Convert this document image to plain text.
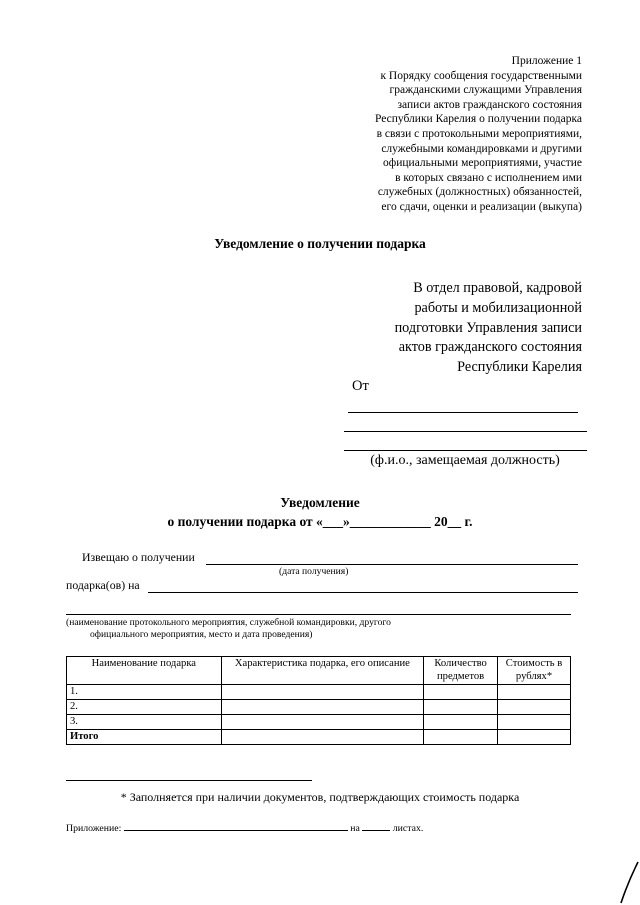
Приложение 1
к Порядку сообщения государственными
гражданскими служащими Управления
записи актов гражданского состояния
Республики Карелия о получении подарка
в связи с протокольными мероприятиями,
служебными командировками и другими
официальными мероприятиями, участие
в которых связано с исполнением ими
служебных (должностных) обязанностей,
его сдачи, оценки и реализации (выкупа)
Уведомление о получении подарка
В отдел правовой, кадровой
работы и мобилизационной
подготовки Управления записи
актов гражданского состояния
Республики Карелия
От
(ф.и.о., замещаемая должность)
Уведомление
о получении подарка от «___»____________ 20__ г.
Извещаю о получении
(дата получения)
подарка(ов) на
(наименование протокольного мероприятия, служебной командировки, другого
официального мероприятия, место и дата проведения)
Наименование подарка	Характеристика подарка, его описание	Количество предметов	Стоимость в рублях*
1.			
2.			
3.			
Итого			
* Заполняется при наличии документов, подтверждающих стоимость подарка
Приложение:	на	листах.
